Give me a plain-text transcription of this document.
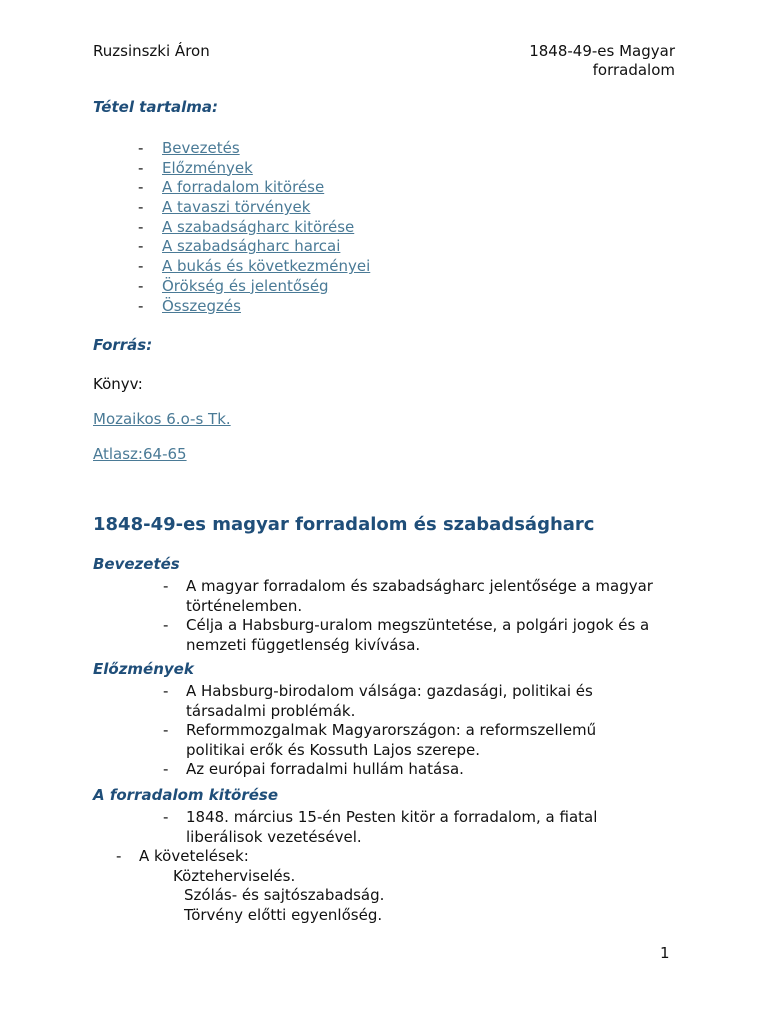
Ruzsinszki Áron	1848-49-es Magyar
forradalom
Tétel tartalma:
- Bevezetés
- Előzmények
- A forradalom kitörése
- A tavaszi törvények
- A szabadságharc kitörése
- A szabadságharc harcai
- A bukás és következményei
- Örökség és jelentőség
- Összegzés
Forrás:
Könyv:
Mozaikos 6.o-s Tk.
Atlasz:64-65
1848-49-es magyar forradalom és szabadságharc
Bevezetés
- A magyar forradalom és szabadságharc jelentősége a magyar történelemben.
- Célja a Habsburg-uralom megszüntetése, a polgári jogok és a nemzeti függetlenség kivívása.
Előzmények
- A Habsburg-birodalom válsága: gazdasági, politikai és társadalmi problémák.
- Reformmozgalmak Magyarországon: a reformszellemű politikai erők és Kossuth Lajos szerepe.
- Az európai forradalmi hullám hatása.
A forradalom kitörése
- 1848. március 15-én Pesten kitör a forradalom, a fiatal liberálisok vezetésével.
- A követelések:
Közteherviselés.
Szólás- és sajtószabadság.
Törvény előtti egyenlőség.
1
